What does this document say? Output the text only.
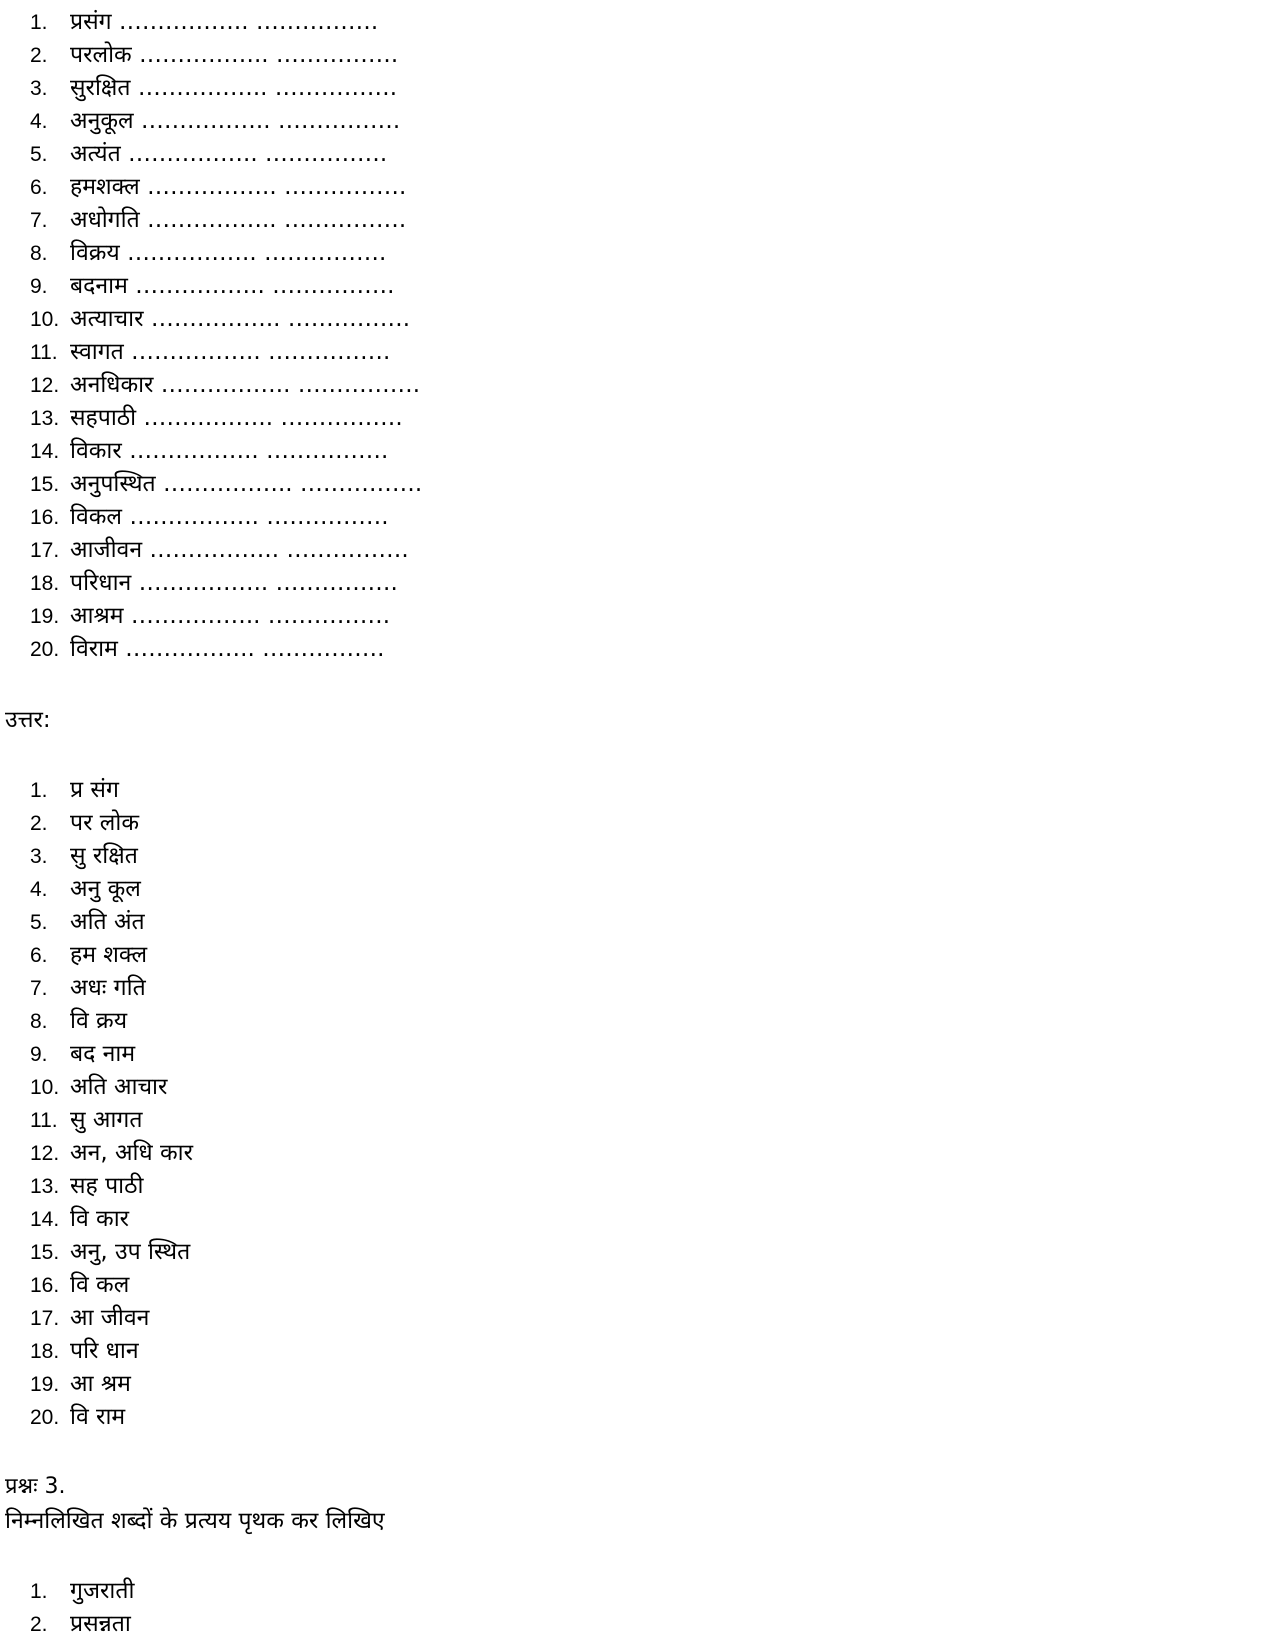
1. प्रसंग …………….. …………….
2. परलोक …………….. …………….
3. सुरक्षित …………….. …………….
4. अनुकूल …………….. …………….
5. अत्यंत …………….. …………….
6. हमशक्ल …………….. …………….
7. अधोगति …………….. …………….
8. विक्रय …………….. …………….
9. बदनाम …………….. …………….
10. अत्याचार …………….. …………….
11. स्वागत …………….. …………….
12. अनधिकार …………….. …………….
13. सहपाठी …………….. …………….
14. विकार …………….. …………….
15. अनुपस्थित …………….. …………….
16. विकल …………….. …………….
17. आजीवन …………….. …………….
18. परिधान …………….. …………….
19. आश्रम …………….. …………….
20. विराम …………….. …………….
उत्तर:
1. प्र संग
2. पर लोक
3. सु रक्षित
4. अनु कूल
5. अति अंत
6. हम शक्ल
7. अधः गति
8. वि क्रय
9. बद नाम
10. अति आचार
11. सु आगत
12. अन, अधि कार
13. सह पाठी
14. वि कार
15. अनु, उप स्थित
16. वि कल
17. आ जीवन
18. परि धान
19. आ श्रम
20. वि राम
प्रश्नः 3.
निम्नलिखित शब्दों के प्रत्यय पृथक कर लिखिए
1. गुजराती
2. प्रसन्नता
